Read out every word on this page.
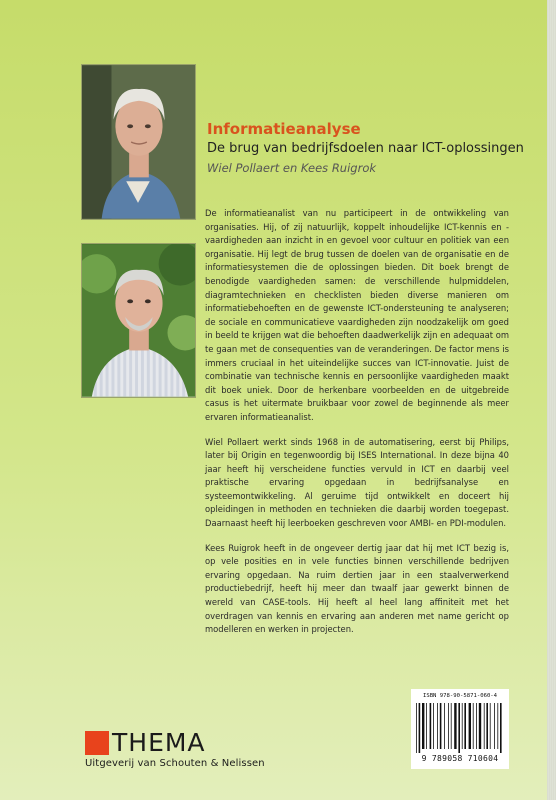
Informatieanalyse
De brug van bedrijfsdoelen naar ICT-oplossingen
Wiel Pollaert en Kees Ruigrok

De informatieanalist van nu participeert in de ontwikkeling van organisaties. Hij, of zij natuurlijk, koppelt inhoudelijke ICT-kennis en -vaardigheden aan inzicht in en gevoel voor cultuur en politiek van een organisatie. Hij legt de brug tussen de doelen van de organisatie en de informatiesystemen die de oplossingen bieden. Dit boek brengt de benodigde vaardigheden samen: de verschillende hulpmiddelen, diagramtechnieken en checklisten bieden diverse manieren om informatiebehoeften en de gewenste ICT-ondersteuning te analyseren; de sociale en communicatieve vaardigheden zijn noodzakelijk om goed in beeld te krijgen wat die behoeften daadwerkelijk zijn en adequaat om te gaan met de consequenties van de veranderingen. De factor mens is immers cruciaal in het uiteindelijke succes van ICT-innovatie. Juist de combinatie van technische kennis en persoonlijke vaardigheden maakt dit boek uniek. Door de herkenbare voorbeelden en de uitgebreide casus is het uitermate bruikbaar voor zowel de beginnende als meer ervaren informatieanalist.

Wiel Pollaert werkt sinds 1968 in de automatisering, eerst bij Philips, later bij Origin en tegenwoordig bij ISES International. In deze bijna 40 jaar heeft hij verscheidene functies vervuld in ICT en daarbij veel praktische ervaring opgedaan in bedrijfsanalyse en systeemontwikkeling. Al geruime tijd ontwikkelt en doceert hij opleidingen in methoden en technieken die daarbij worden toegepast. Daarnaast heeft hij leerboeken geschreven voor AMBI- en PDI-modulen.

Kees Ruigrok heeft in de ongeveer dertig jaar dat hij met ICT bezig is, op vele posities en in vele functies binnen verschillende bedrijven ervaring opgedaan. Na ruim dertien jaar in een staalverwerkend productiebedrijf, heeft hij meer dan twaalf jaar gewerkt binnen de wereld van CASE-tools. Hij heeft al heel lang affiniteit met het overdragen van kennis en ervaring aan anderen met name gericht op modelleren en werken in projecten.

THEMA
Uitgeverij van Schouten & Nelissen
ISBN 978-90-5871-060-4
9 789058 710604
